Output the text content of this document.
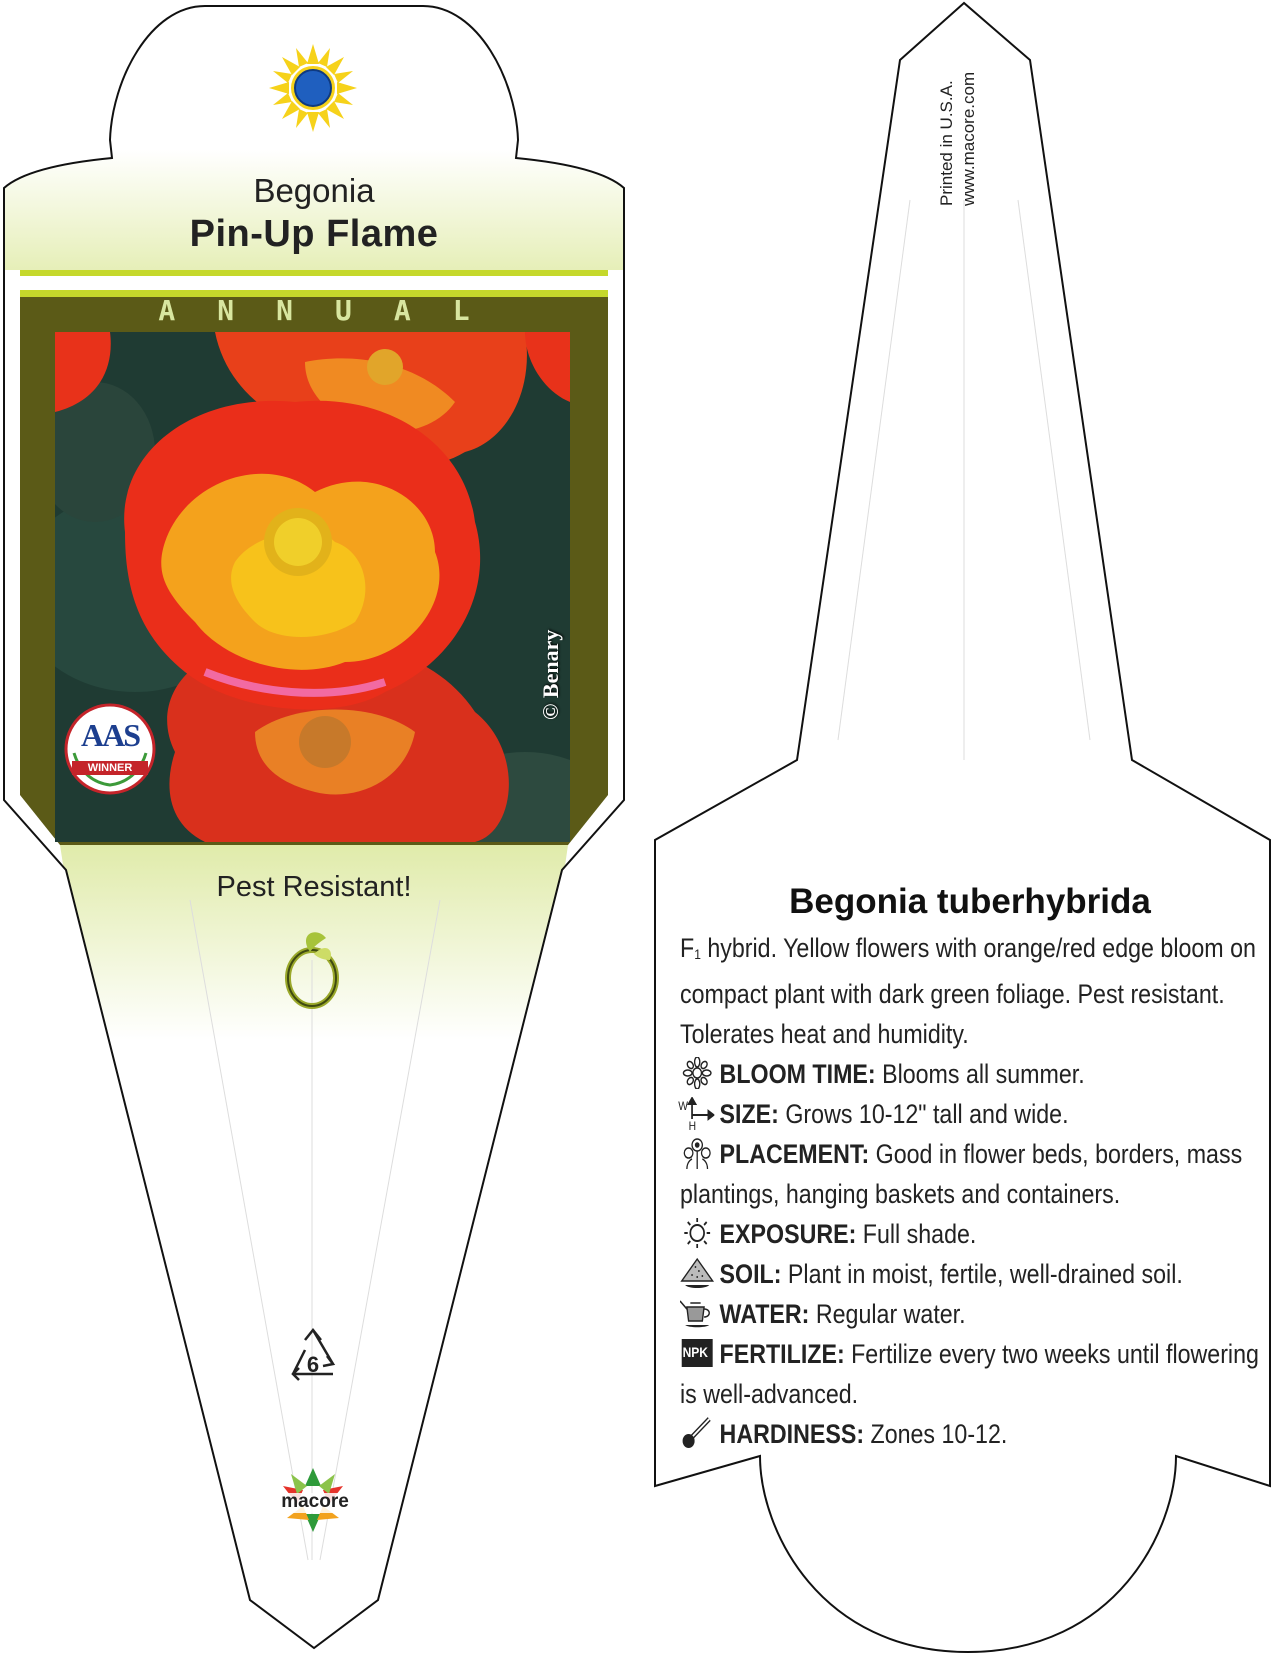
Begonia
Pin-Up Flame
ANNUAL
AAS
WINNER
© Benary
Pest Resistant!
6
macore
Printed in U.S.A. www.macore.com
Begonia tuberhybrida

F1 hybrid. Yellow flowers with orange/red edge bloom on compact plant with dark green foliage. Pest resistant. Tolerates heat and humidity.

BLOOM TIME: Blooms all summer.

W
H SIZE: Grows 10-12" tall and wide.

PLACEMENT: Good in flower beds, borders, mass plantings, hanging baskets and containers.

EXPOSURE: Full shade.

SOIL: Plant in moist, fertile, well-drained soil.

WATER: Regular water.

NPK FERTILIZE: Fertilize every two weeks until flowering is well-advanced.

HARDINESS: Zones 10-12.
